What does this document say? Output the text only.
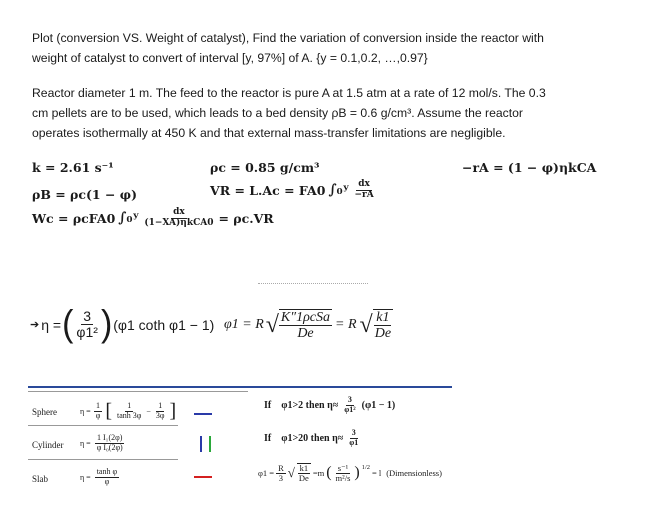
Plot (conversion VS. Weight of catalyst), Find the variation of conversion inside the reactor with
weight of catalyst to convert of interval [y, 97%] of A. {y = 0.1,0.2, …,0.97}
Reactor diameter 1 m. The feed to the reactor is pure A at 1.5 atm at a rate of 12 mol/s. The 0.3
cm pellets are to be used, which leads to a bed density ρB = 0.6 g/cm³. Assume the reactor
operates isothermally at 450 K and that external mass-transfer limitations are negligible.
k = 2.61 s⁻¹	ρc = 0.85 g/cm³	−rA = (1 − φ)ηkCA
ρB = ρc(1 − φ)	VR = L.Ac = FA0 ∫₀ʸ $\frac{dx}{-rA}$
Wc = ρcFA0 ∫₀ʸ $\frac{dx}{\text{(1−XA)ηkCA0}} = \rho c.VR$
➔ η = ( $\frac{3}{\text{φ1²}}$ ) (φ1 coth φ1 − 1) φ1 = R √ $\frac{\text{K″1ρcSa}}{De} = R$ √ $\frac{k1}{De}$
Sphere	$\eta = \frac{1}{\varphi}$ [ $\frac{1}{\tanh 3\varphi} - \frac{1}{3\varphi}$ ]
Cylinder $\eta = \frac{\text{1 I₁(2φ)}}{\text{φ I₀(2φ)}}$
Slab	$\eta = \frac{\text{tanh φ}}{\varphi}$
If φ1>2 then $\eta\approx \frac{3}{\text{φ1²}} (\varphi 1 - 1)$
If φ1>20 then $\eta\approx \frac{3}{\varphi 1}$
$\varphi 1 = \frac{R}{3}$ √ $\frac{k1}{De} =m$ ( $\frac{\text{s⁻¹}}{\text{m²/s}}$ ) 1/2
= l (Dimensionless)
